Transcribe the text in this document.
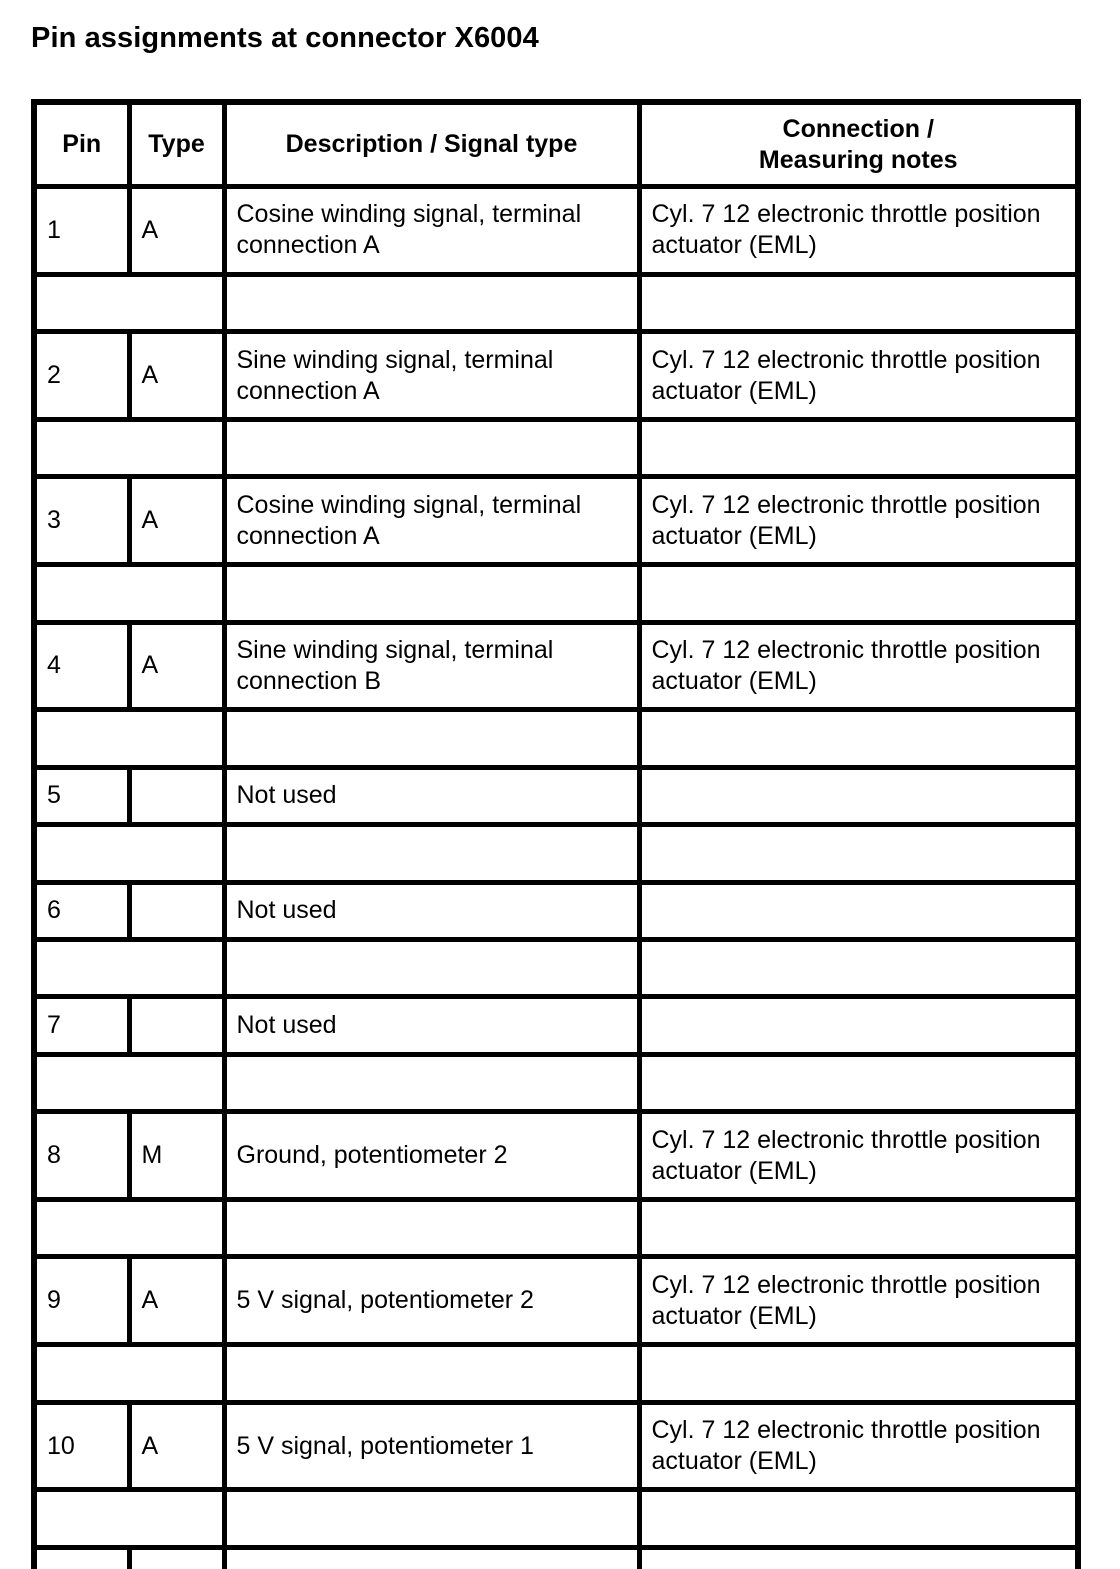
Pin assignments at connector X6004
Pin	Type	Description / Signal type	Connection /
Measuring notes
1	A	Cosine winding signal, terminal connection A	Cyl. 7 12 electronic throttle position actuator (EML)

2	A	Sine winding signal, terminal connection A	Cyl. 7 12 electronic throttle position actuator (EML)

3	A	Cosine winding signal, terminal connection A	Cyl. 7 12 electronic throttle position actuator (EML)

4	A	Sine winding signal, terminal connection B	Cyl. 7 12 electronic throttle position actuator (EML)

5		Not used	

6		Not used	

7		Not used	

8	M	Ground, potentiometer 2	Cyl. 7 12 electronic throttle position actuator (EML)

9	A	5 V signal, potentiometer 2	Cyl. 7 12 electronic throttle position actuator (EML)

10	A	5 V signal, potentiometer 1	Cyl. 7 12 electronic throttle position actuator (EML)
